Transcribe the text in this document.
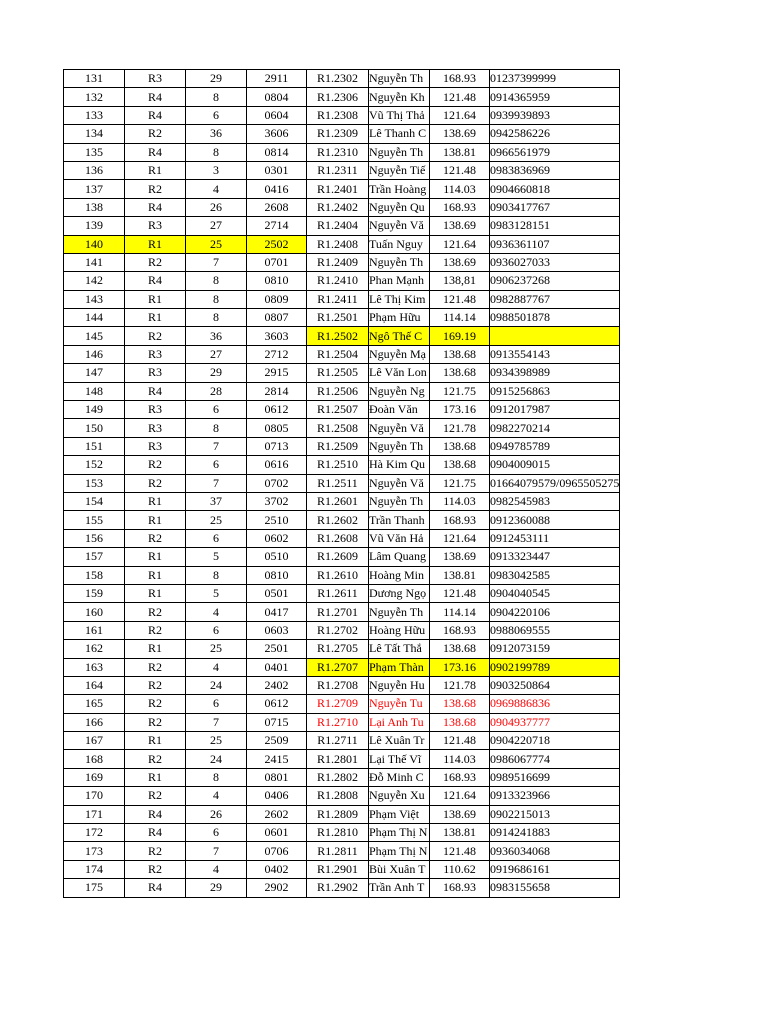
131	R3	29	2911	R1.2302	Nguyễn Th	168.93	01237399999
132	R4	8	0804	R1.2306	Nguyễn Kh	121.48	0914365959
133	R4	6	0604	R1.2308	Vũ Thị Thả	121.64	0939939893
134	R2	36	3606	R1.2309	Lê Thanh C	138.69	0942586226
135	R4	8	0814	R1.2310	Nguyễn Th	138.81	0966561979
136	R1	3	0301	R1.2311	Nguyễn Tiế	121.48	0983836969
137	R2	4	0416	R1.2401	Trần Hoàng	114.03	0904660818
138	R4	26	2608	R1.2402	Nguyễn Qu	168.93	0903417767
139	R3	27	2714	R1.2404	Nguyễn Vă	138.69	0983128151
140	R1	25	2502	R1.2408	Tuấn Nguy	121.64	0936361107
141	R2	7	0701	R1.2409	Nguyễn Th	138.69	0936027033
142	R4	8	0810	R1.2410	Phan Mạnh	138,81	0906237268
143	R1	8	0809	R1.2411	Lê Thị Kim	121.48	0982887767
144	R1	8	0807	R1.2501	Phạm Hữu	114.14	0988501878
145	R2	36	3603	R1.2502	Ngô Thế C	169.19	
146	R3	27	2712	R1.2504	Nguyễn Mạ	138.68	0913554143
147	R3	29	2915	R1.2505	Lê Văn Lon	138.68	0934398989
148	R4	28	2814	R1.2506	Nguyễn Ng	121.75	0915256863
149	R3	6	0612	R1.2507	Đoàn Văn	173.16	0912017987
150	R3	8	0805	R1.2508	Nguyễn Vă	121.78	0982270214
151	R3	7	0713	R1.2509	Nguyễn Th	138.68	0949785789
152	R2	6	0616	R1.2510	Hà Kim Qu	138.68	0904009015
153	R2	7	0702	R1.2511	Nguyễn Vă	121.75	01664079579/0965505275
154	R1	37	3702	R1.2601	Nguyễn Th	114.03	0982545983
155	R1	25	2510	R1.2602	Trần Thanh	168.93	0912360088
156	R2	6	0602	R1.2608	Vũ Văn Hả	121.64	0912453111
157	R1	5	0510	R1.2609	Lâm Quang	138.69	0913323447
158	R1	8	0810	R1.2610	Hoàng Min	138.81	0983042585
159	R1	5	0501	R1.2611	Dương Ngọ	121.48	0904040545
160	R2	4	0417	R1.2701	Nguyễn Th	114.14	0904220106
161	R2	6	0603	R1.2702	Hoàng Hữu	168.93	0988069555
162	R1	25	2501	R1.2705	Lê Tất Thắ	138.68	0912073159
163	R2	4	0401	R1.2707	Phạm Thàn	173.16	0902199789
164	R2	24	2402	R1.2708	Nguyễn Hu	121.78	0903250864
165	R2	6	0612	R1.2709	Nguyễn Tu	138.68	0969886836
166	R2	7	0715	R1.2710	Lại Anh Tu	138.68	0904937777
167	R1	25	2509	R1.2711	Lê Xuân Tr	121.48	0904220718
168	R2	24	2415	R1.2801	Lại Thế Vĩ	114.03	0986067774
169	R1	8	0801	R1.2802	Đỗ Minh C	168.93	0989516699
170	R2	4	0406	R1.2808	Nguyễn Xu	121.64	0913323966
171	R4	26	2602	R1.2809	Phạm Việt	138.69	0902215013
172	R4	6	0601	R1.2810	Phạm Thị N	138.81	0914241883
173	R2	7	0706	R1.2811	Phạm Thị N	121.48	0936034068
174	R2	4	0402	R1.2901	Bùi Xuân T	110.62	0919686161
175	R4	29	2902	R1.2902	Trần Anh T	168.93	0983155658
